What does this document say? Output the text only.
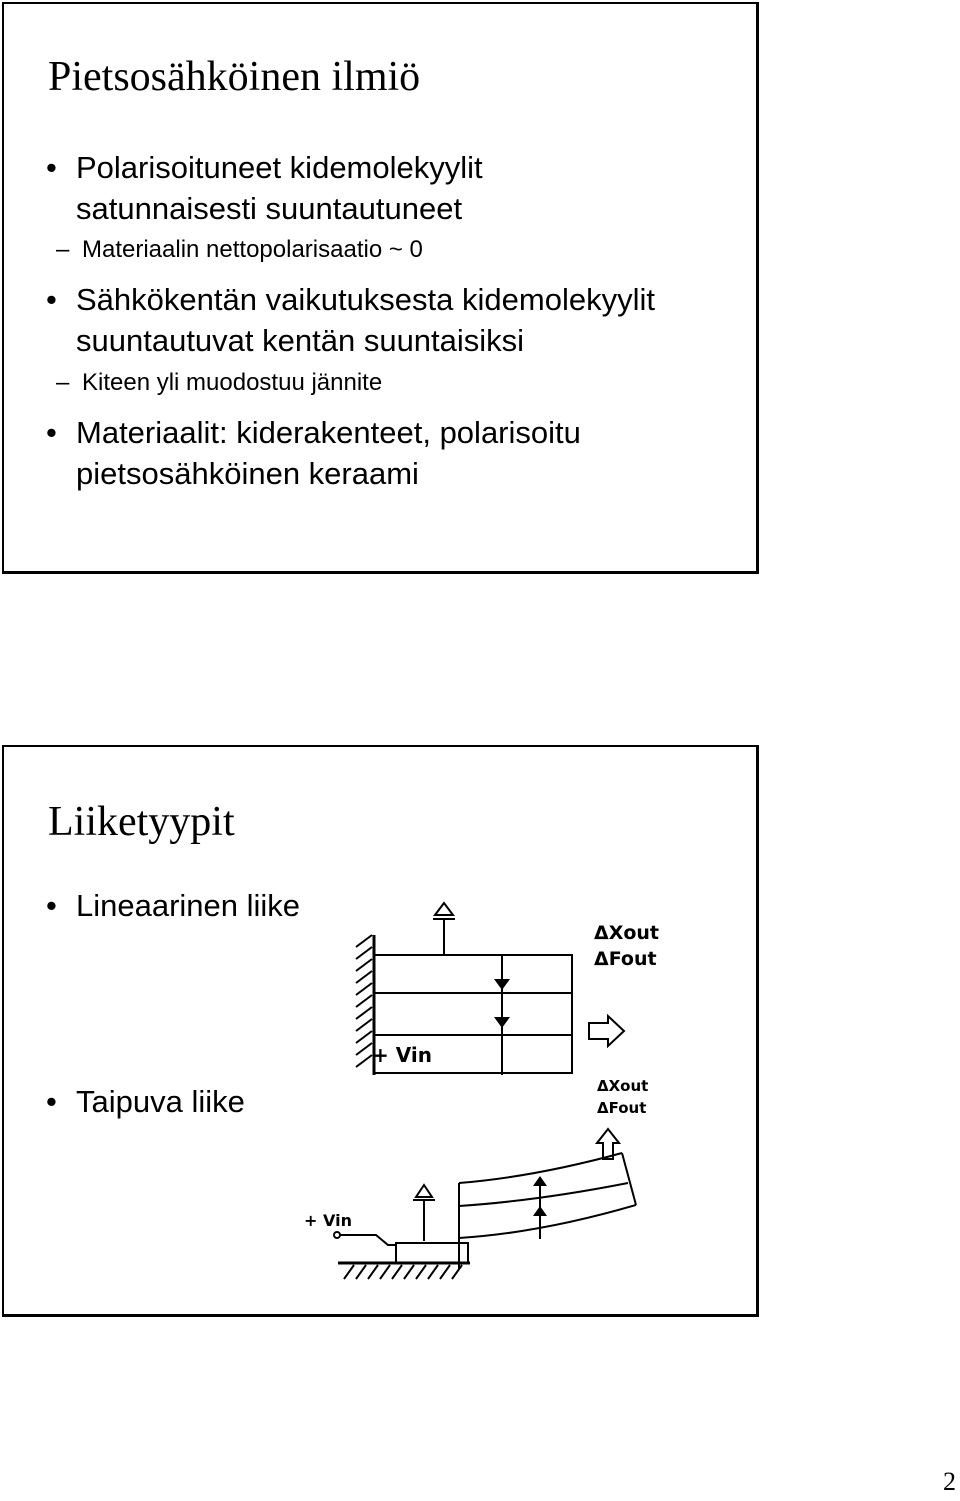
Pietsosähköinen ilmiö
• Polarisoituneet kidemolekyylit
satunnaisesti suuntautuneet
– Materiaalin nettopolarisaatio ~ 0
• Sähkökentän vaikutuksesta kidemolekyylit
suuntautuvat kentän suuntaisiksi
– Kiteen yli muodostuu jännite
• Materiaalit: kiderakenteet, polarisoitu
pietsosähköinen keraami
Liiketyypit
• Lineaarinen liike
• Taipuva liike
ΔXout
ΔFout
+ Vin
ΔXout
ΔFout
+ Vin
2
